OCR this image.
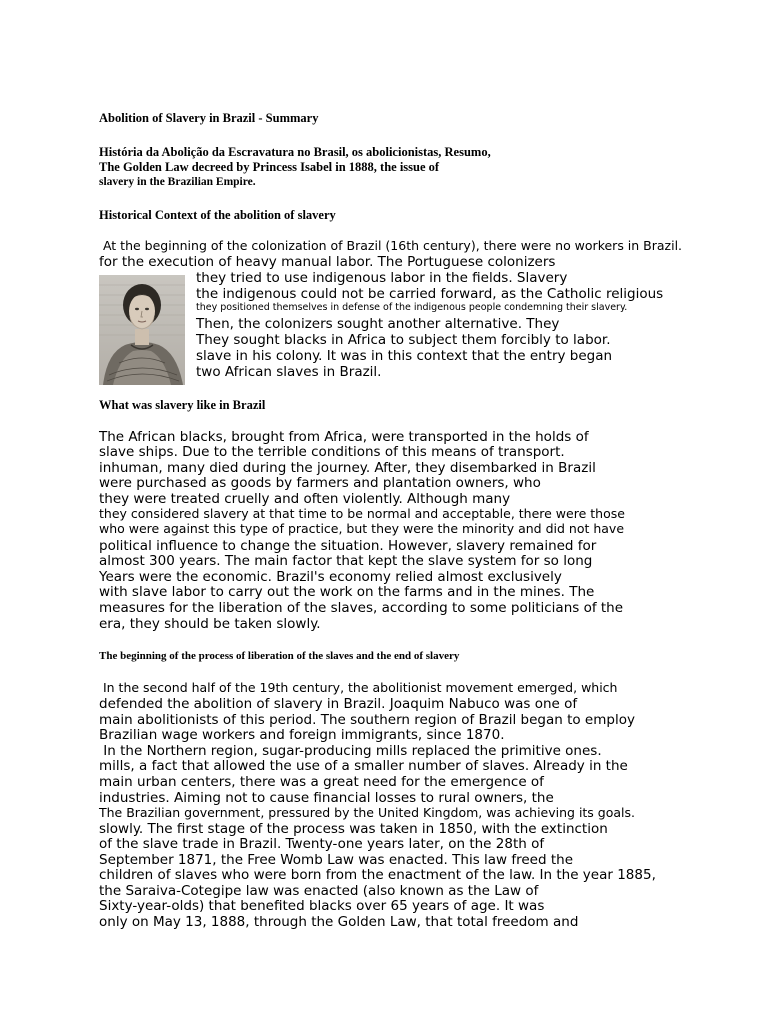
Abolition of Slavery in Brazil - Summary
História da Abolição da Escravatura no Brasil, os abolicionistas, Resumo,
The Golden Law decreed by Princess Isabel in 1888, the issue of
slavery in the Brazilian Empire.
Historical Context of the abolition of slavery
At the beginning of the colonization of Brazil (16th century), there were no workers in Brazil.
for the execution of heavy manual labor. The Portuguese colonizers
they tried to use indigenous labor in the fields. Slavery
the indigenous could not be carried forward, as the Catholic religious
they positioned themselves in defense of the indigenous people condemning their slavery.
Then, the colonizers sought another alternative. They
They sought blacks in Africa to subject them forcibly to labor.
slave in his colony. It was in this context that the entry began
two African slaves in Brazil.
What was slavery like in Brazil
The African blacks, brought from Africa, were transported in the holds of
slave ships. Due to the terrible conditions of this means of transport.
inhuman, many died during the journey. After, they disembarked in Brazil
were purchased as goods by farmers and plantation owners, who
they were treated cruelly and often violently. Although many
they considered slavery at that time to be normal and acceptable, there were those
who were against this type of practice, but they were the minority and did not have
political influence to change the situation. However, slavery remained for
almost 300 years. The main factor that kept the slave system for so long
Years were the economic. Brazil's economy relied almost exclusively
with slave labor to carry out the work on the farms and in the mines. The
measures for the liberation of the slaves, according to some politicians of the
era, they should be taken slowly.
The beginning of the process of liberation of the slaves and the end of slavery
In the second half of the 19th century, the abolitionist movement emerged, which
defended the abolition of slavery in Brazil. Joaquim Nabuco was one of
main abolitionists of this period. The southern region of Brazil began to employ
Brazilian wage workers and foreign immigrants, since 1870.
In the Northern region, sugar-producing mills replaced the primitive ones.
mills, a fact that allowed the use of a smaller number of slaves. Already in the
main urban centers, there was a great need for the emergence of
industries. Aiming not to cause financial losses to rural owners, the
The Brazilian government, pressured by the United Kingdom, was achieving its goals.
slowly. The first stage of the process was taken in 1850, with the extinction
of the slave trade in Brazil. Twenty-one years later, on the 28th of
September 1871, the Free Womb Law was enacted. This law freed the
children of slaves who were born from the enactment of the law. In the year 1885,
the Saraiva-Cotegipe law was enacted (also known as the Law of
Sixty-year-olds) that benefited blacks over 65 years of age. It was
only on May 13, 1888, through the Golden Law, that total freedom and
